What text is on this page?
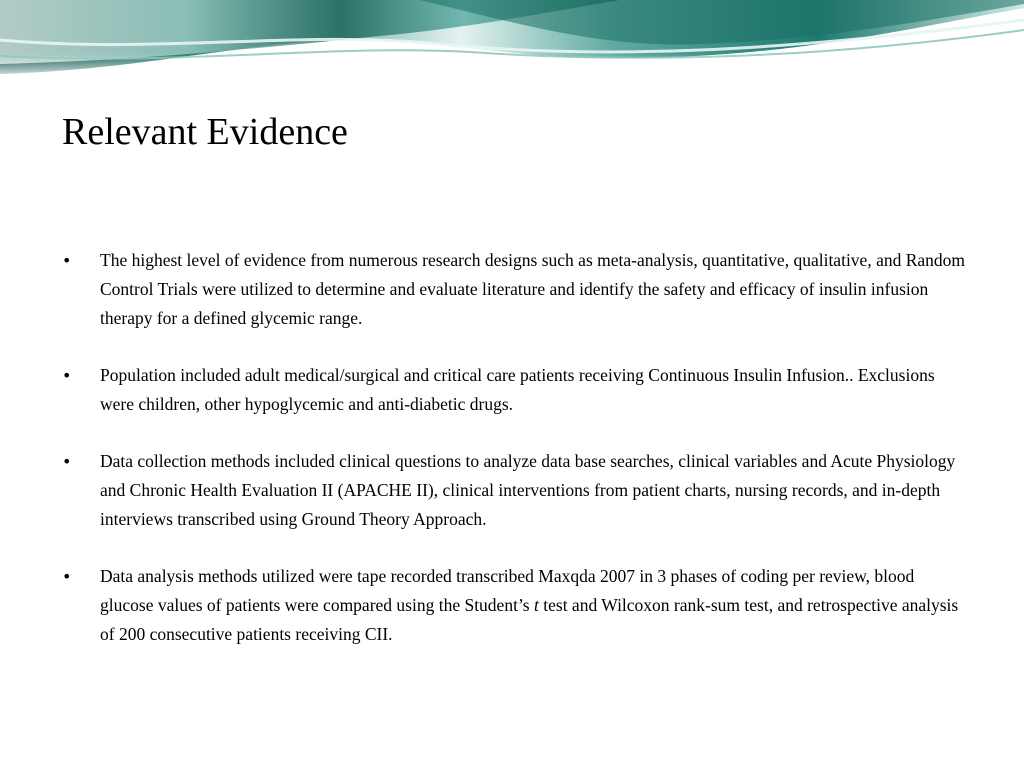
Relevant Evidence
•	The highest level of evidence from numerous research designs such as meta-analysis, quantitative, qualitative, and Random Control Trials were utilized to determine and evaluate literature and identify the safety and efficacy of insulin infusion therapy for a defined glycemic range.
•	Population included adult medical/surgical and critical care patients receiving Continuous Insulin Infusion.. Exclusions were children, other hypoglycemic and anti-diabetic drugs.
•	Data collection methods included clinical questions to analyze data base searches, clinical variables and Acute Physiology and Chronic Health Evaluation II (APACHE II), clinical interventions from patient charts, nursing records, and in-depth interviews transcribed using Ground Theory Approach.
•	Data analysis methods utilized were tape recorded transcribed Maxqda 2007 in 3 phases of coding per review, blood glucose values of patients were compared using the Student’s t test and Wilcoxon rank-sum test, and retrospective analysis of 200 consecutive patients receiving CII.
